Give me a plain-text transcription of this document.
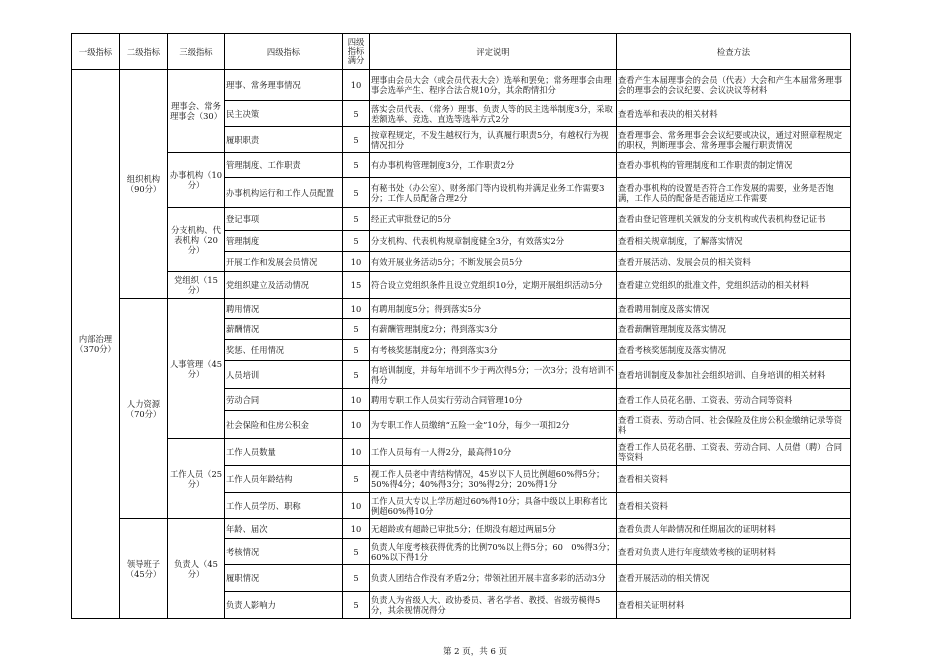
一级指标	二级指标	三级指标	四级指标	四级指标满分	评定说明	检查方法
内部治理（370分）	组织机构（90分）	理事会、常务理事会（30）	理事、常务理事情况	10	理事由会员大会（或会员代表大会）选举和罢免；常务理事会由理事会选举产生、程序合法合规10分，其余酌情扣分	查看产生本届理事会的会员（代表）大会和产生本届常务理事会的理事会的会议纪要、会议决议等材料
			民主决策	5	落实会员代表、（常务）理事、负责人等的民主选举制度3分，采取差额选举、竞选、直选等选举方式2分	查看选举和表决的相关材料
			履职职责	5	按章程规定，不发生越权行为，认真履行职责5分，有越权行为视情况扣分	查看理事会、常务理事会会议纪要或决议，通过对照章程规定的职权，判断理事会、常务理事会履行职责情况
		办事机构（10分）	管理制度、工作职责	5	有办事机构管理制度3分，工作职责2分	查看办事机构的管理制度和工作职责的制定情况
			办事机构运行和工作人员配置	5	有秘书处（办公室）、财务部门等内设机构并满足业务工作需要3分；工作人员配备合理2分	查看办事机构的设置是否符合工作发展的需要，业务是否饱满，工作人员的配备是否能适应工作需要
		分支机构、代表机构（20分）	登记事项	5	经正式审批登记的5分	查看由登记管理机关颁发的分支机构或代表机构登记证书
			管理制度	5	分支机构、代表机构规章制度健全3分，有效落实2分	查看相关规章制度，了解落实情况
			开展工作和发展会员情况	10	有效开展业务活动5分；不断发展会员5分	查看开展活动、发展会员的相关资料
		党组织（15分）	党组织建立及活动情况	15	符合设立党组织条件且设立党组织10分，定期开展组织活动5分	查看建立党组织的批准文件，党组织活动的相关材料
	人力资源（70分）	人事管理（45分）	聘用情况	10	有聘用制度5分；得到落实5分	查看聘用制度及落实情况
			薪酬情况	5	有薪酬管理制度2分；得到落实3分	查看薪酬管理制度及落实情况
			奖惩、任用情况	5	有考核奖惩制度2分；得到落实3分	查看考核奖惩制度及落实情况
			人员培训	5	有培训制度，并每年培训不少于两次得5分；一次3分；没有培训不得分	查看培训制度及参加社会组织培训、自身培训的相关材料
			劳动合同	10	聘用专职工作人员实行劳动合同管理10分	查看工作人员花名册、工资表、劳动合同等资料
			社会保险和住房公积金	10	为专职工作人员缴纳“五险一金”10分，每少一项扣2分	查看工资表、劳动合同、社会保险及住房公积金缴纳记录等资料
		工作人员（25分）	工作人员数量	10	工作人员每有一人得2分，最高得10分	查看工作人员花名册、工资表、劳动合同、人员借（聘）合同等资料
			工作人员年龄结构	5	视工作人员老中青结构情况，45岁以下人员比例超60%得5分；50%得4分；40%得3分；30%得2分；20%得1分	查看相关资料
			工作人员学历、职称	10	工作人员大专以上学历超过60%得10分；具备中级以上职称者比例超60%得10分	查看相关资料
	领导班子（45分）	负责人（45分）	年龄、届次	10	无超龄或有超龄已审批5分；任期没有超过两届5分	查看负责人年龄情况和任期届次的证明材料
			考核情况	5	负责人年度考核获得优秀的比例70%以上得5分；60　0%得3分；60%以下得1分	查看对负责人进行年度绩效考核的证明材料
			履职情况	5	负责人团结合作没有矛盾2分；带领社团开展丰富多彩的活动3分	查看开展活动的相关情况
			负责人影响力	5	负责人为省级人大、政协委员、著名学者、教授、省级劳模得5分，其余视情况得分	查看相关证明材料
第 2 页，共 6 页
